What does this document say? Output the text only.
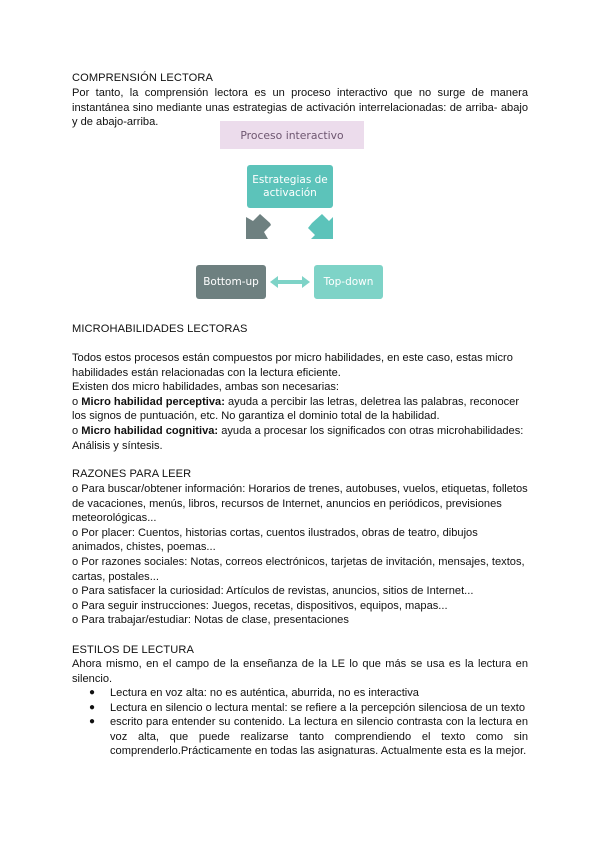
COMPRENSIÓN LECTORA
Por tanto, la comprensión lectora es un proceso interactivo que no surge de manera instantánea sino mediante unas estrategias de activación interrelacionadas: de arriba- abajo y de abajo-arriba.
Proceso interactivo
Estrategias de activación
Bottom-up	Top-down
MICROHABILIDADES LECTORAS

Todos estos procesos están compuestos por micro habilidades, en este caso, estas micro habilidades están relacionadas con la lectura eficiente.

Existen dos micro habilidades, ambas son necesarias:

o Micro habilidad perceptiva: ayuda a percibir las letras, deletrea las palabras, reconocer los signos de puntuación, etc. No garantiza el dominio total de la habilidad.

o Micro habilidad cognitiva: ayuda a procesar los significados con otras microhabilidades: Análisis y síntesis.

RAZONES PARA LEER

o Para buscar/obtener información: Horarios de trenes, autobuses, vuelos, etiquetas, folletos de vacaciones, menús, libros, recursos de Internet, anuncios en periódicos, previsiones meteorológicas...

o Por placer: Cuentos, historias cortas, cuentos ilustrados, obras de teatro, dibujos animados, chistes, poemas...

o Por razones sociales: Notas, correos electrónicos, tarjetas de invitación, mensajes, textos, cartas, postales...

o Para satisfacer la curiosidad: Artículos de revistas, anuncios, sitios de Internet...

o Para seguir instrucciones: Juegos, recetas, dispositivos, equipos, mapas...

o Para trabajar/estudiar: Notas de clase, presentaciones

ESTILOS DE LECTURA
Ahora mismo, en el campo de la enseñanza de la LE lo que más se usa es la lectura en silencio.
● Lectura en voz alta: no es auténtica, aburrida, no es interactiva
● Lectura en silencio o lectura mental: se refiere a la percepción silenciosa de un texto
● escrito para entender su contenido. La lectura en silencio contrasta con la lectura en voz alta, que puede realizarse tanto comprendiendo el texto como sin comprenderlo.Prácticamente en todas las asignaturas. Actualmente esta es la mejor.
